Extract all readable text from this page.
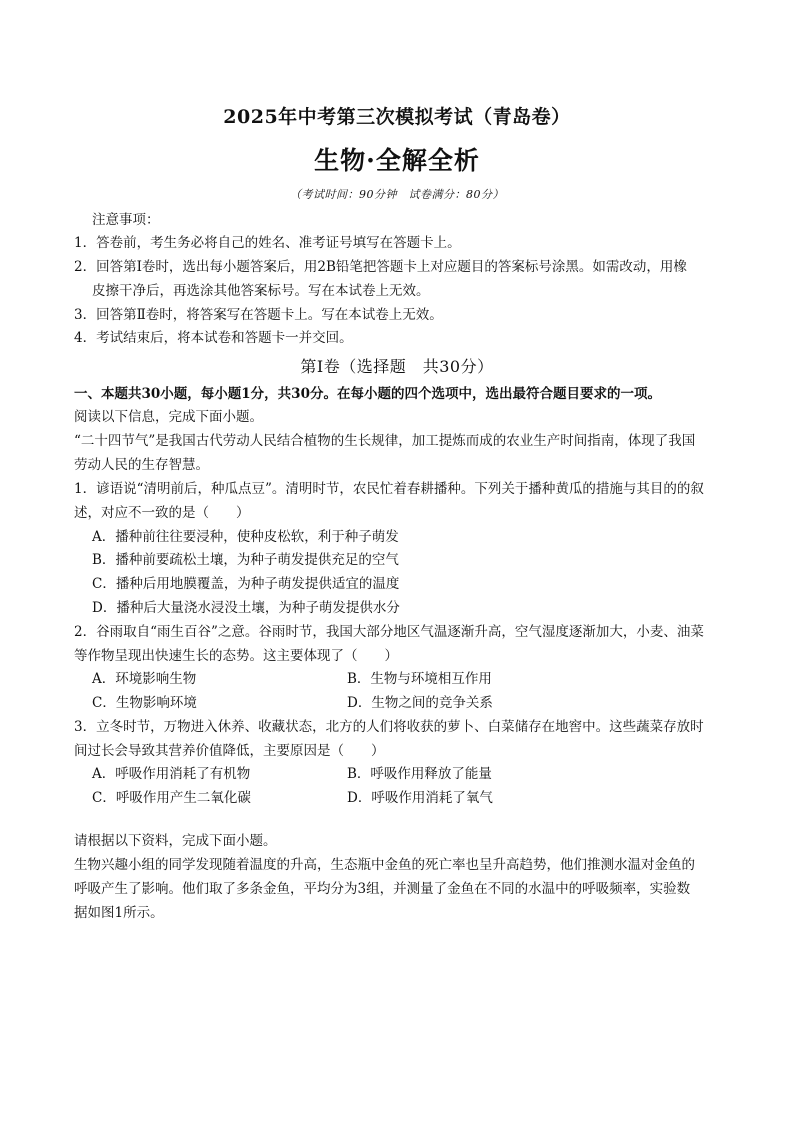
2025年中考第三次模拟考试（青岛卷）
生物·全解全析
（考试时间：90分钟　试卷满分：80分）
注意事项：
1．答卷前，考生务必将自己的姓名、准考证号填写在答题卡上。
2．回答第Ⅰ卷时，选出每小题答案后，用2B铅笔把答题卡上对应题目的答案标号涂黑。如需改动，用橡
皮擦干净后，再选涂其他答案标号。写在本试卷上无效。
3．回答第Ⅱ卷时，将答案写在答题卡上。写在本试卷上无效。
4．考试结束后，将本试卷和答题卡一并交回。
第Ⅰ卷（选择题　共30分）
一、本题共30小题，每小题1分，共30分。在每小题的四个选项中，选出最符合题目要求的一项。
阅读以下信息，完成下面小题。
“二十四节气”是我国古代劳动人民结合植物的生长规律，加工提炼而成的农业生产时间指南，体现了我国
劳动人民的生存智慧。
1．谚语说“清明前后，种瓜点豆”。清明时节，农民忙着春耕播种。下列关于播种黄瓜的措施与其目的的叙
述，对应不一致的是（　　）
A．播种前往往要浸种，使种皮松软，利于种子萌发
B．播种前要疏松土壤，为种子萌发提供充足的空气
C．播种后用地膜覆盖，为种子萌发提供适宜的温度
D．播种后大量浇水浸没土壤，为种子萌发提供水分
2．谷雨取自“雨生百谷”之意。谷雨时节，我国大部分地区气温逐渐升高，空气湿度逐渐加大，小麦、油菜
等作物呈现出快速生长的态势。这主要体现了（　　）
A．环境影响生物	B．生物与环境相互作用
C．生物影响环境	D．生物之间的竞争关系
3．立冬时节，万物进入休养、收藏状态，北方的人们将收获的萝卜、白菜储存在地窖中。这些蔬菜存放时
间过长会导致其营养价值降低，主要原因是（　　）
A．呼吸作用消耗了有机物	B．呼吸作用释放了能量
C．呼吸作用产生二氧化碳	D．呼吸作用消耗了氧气
请根据以下资料，完成下面小题。
生物兴趣小组的同学发现随着温度的升高，生态瓶中金鱼的死亡率也呈升高趋势，他们推测水温对金鱼的
呼吸产生了影响。他们取了多条金鱼，平均分为3组，并测量了金鱼在不同的水温中的呼吸频率，实验数
据如图1所示。
